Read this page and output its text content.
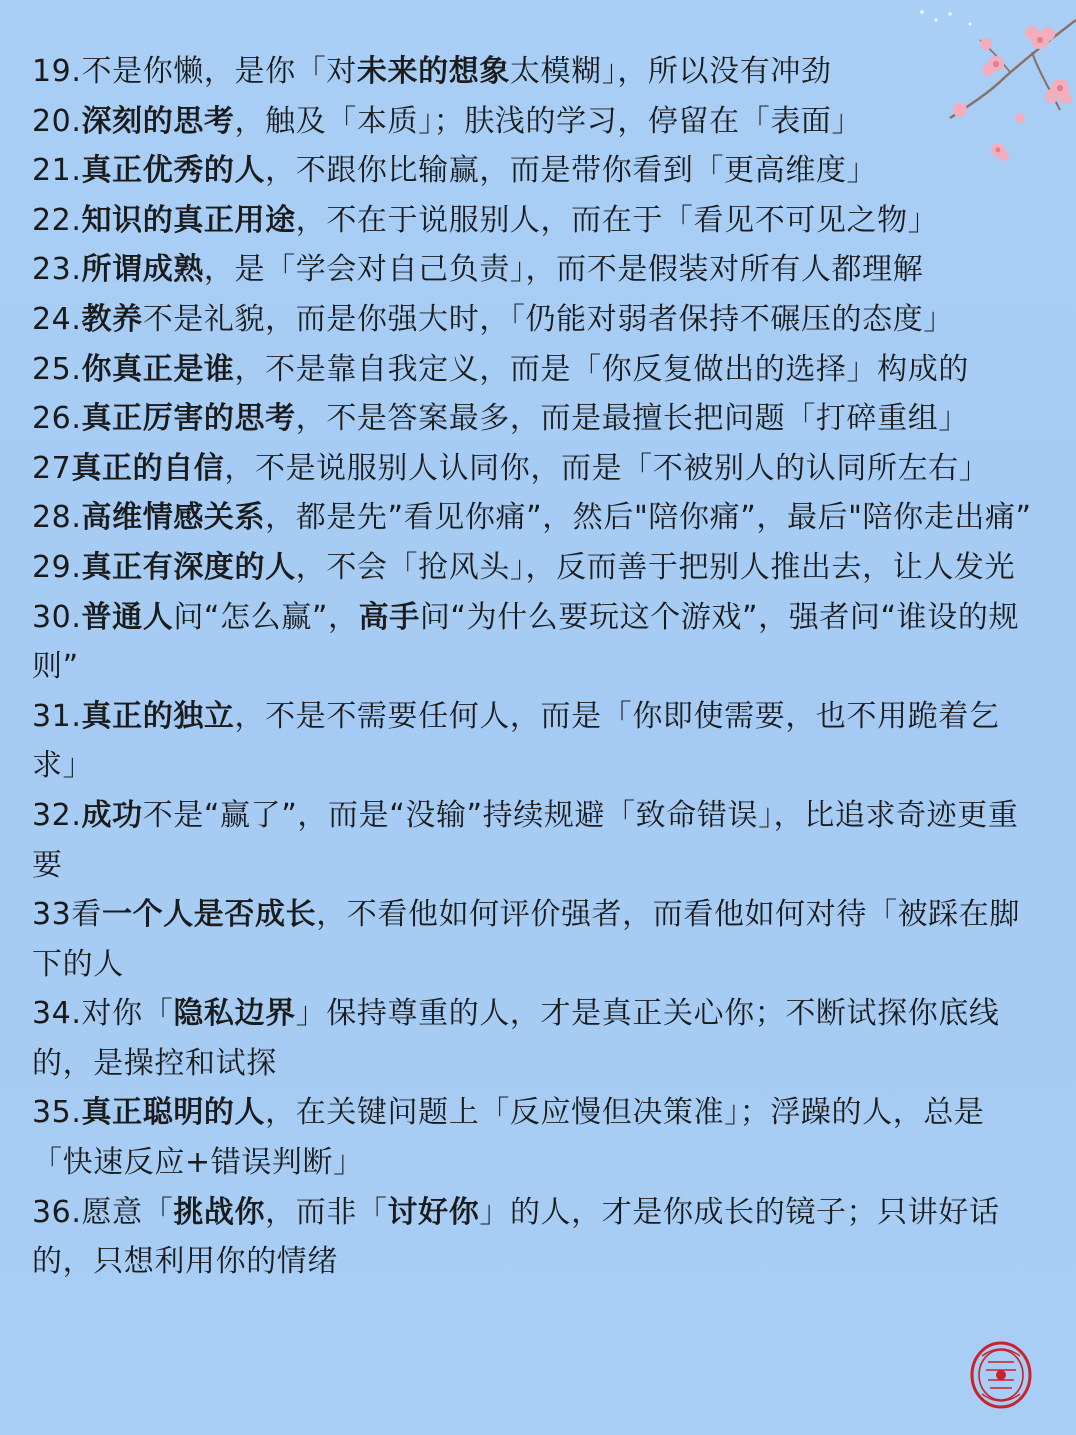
19.不是你懒，是你「对未来的想象太模糊」，所以没有冲劲

20.深刻的思考，触及「本质」；肤浅的学习，停留在「表面」

21.真正优秀的人，不跟你比输赢，而是带你看到「更高维度」

22.知识的真正用途，不在于说服别人，而在于「看见不可见之物」

23.所谓成熟，是「学会对自己负责」，而不是假装对所有人都理解

24.教养不是礼貌，而是你强大时，「仍能对弱者保持不碾压的态度」

25.你真正是谁，不是靠自我定义，而是「你反复做出的选择」构成的

26.真正厉害的思考，不是答案最多，而是最擅长把问题「打碎重组」

27真正的自信，不是说服别人认同你，而是「不被别人的认同所左右」

28.高维情感关系，都是先”看见你痛”，然后"陪你痛”，最后"陪你走出痛”

29.真正有深度的人，不会「抢风头」，反而善于把别人推出去，让人发光

30.普通人问“怎么赢”，高手问“为什么要玩这个游戏”，强者问“谁设的规则”

31.真正的独立，不是不需要任何人，而是「你即使需要，也不用跪着乞求」

32.成功不是“赢了”，而是“没输”持续规避「致命错误」，比追求奇迹更重要

33看一个人是否成长，不看他如何评价强者，而看他如何对待「被踩在脚下的人

34.对你「隐私边界」保持尊重的人，才是真正关心你；不断试探你底线的，是操控和试探

35.真正聪明的人，在关键问题上「反应慢但决策准」；浮躁的人，总是「快速反应+错误判断」

36.愿意「挑战你，而非「讨好你」的人，才是你成长的镜子；只讲好话的，只想利用你的情绪
